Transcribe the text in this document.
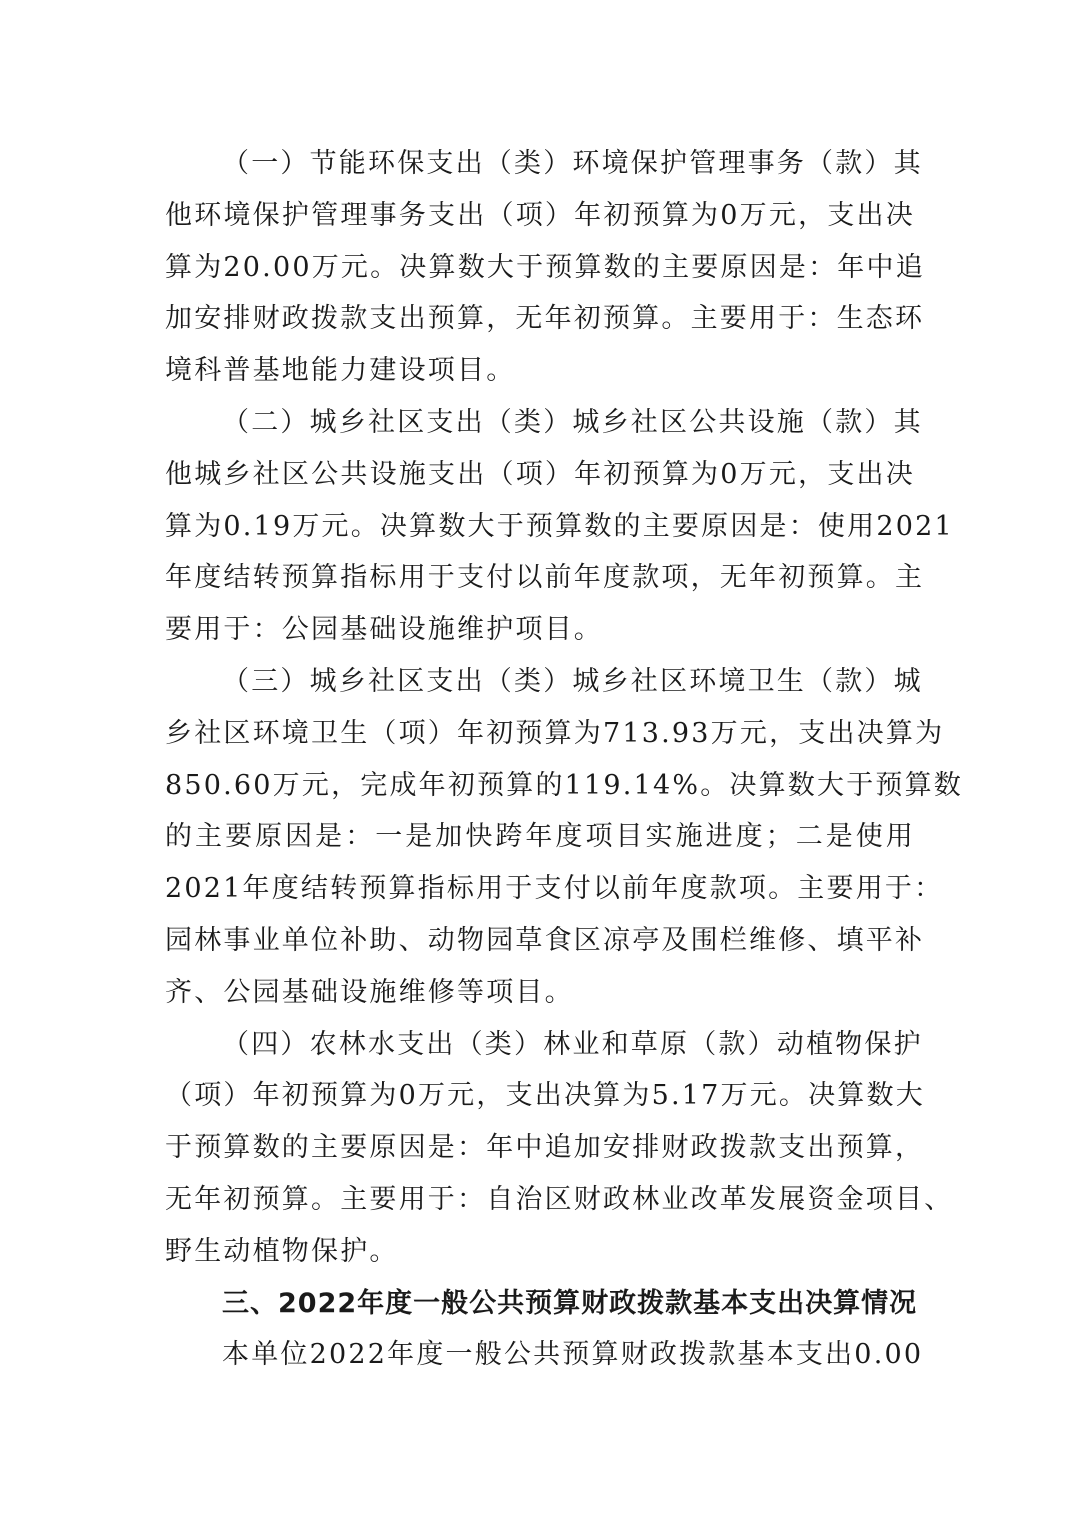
（一）节能环保支出（类）环境保护管理事务（款）其
他环境保护管理事务支出（项）年初预算为0万元，支出决
算为20.00万元。决算数大于预算数的主要原因是：年中追
加安排财政拨款支出预算，无年初预算。主要用于：生态环
境科普基地能力建设项目。
（二）城乡社区支出（类）城乡社区公共设施（款）其
他城乡社区公共设施支出（项）年初预算为0万元，支出决
算为0.19万元。决算数大于预算数的主要原因是：使用2021
年度结转预算指标用于支付以前年度款项，无年初预算。主
要用于：公园基础设施维护项目。
（三）城乡社区支出（类）城乡社区环境卫生（款）城
乡社区环境卫生（项）年初预算为713.93万元，支出决算为
850.60万元，完成年初预算的119.14%。决算数大于预算数
的主要原因是：一是加快跨年度项目实施进度；二是使用
2021年度结转预算指标用于支付以前年度款项。主要用于：
园林事业单位补助、动物园草食区凉亭及围栏维修、填平补
齐、公园基础设施维修等项目。
（四）农林水支出（类）林业和草原（款）动植物保护
（项）年初预算为0万元，支出决算为5.17万元。决算数大
于预算数的主要原因是：年中追加安排财政拨款支出预算，
无年初预算。主要用于：自治区财政林业改革发展资金项目、
野生动植物保护。
三、2022年度一般公共预算财政拨款基本支出决算情况
本单位2022年度一般公共预算财政拨款基本支出0.00
